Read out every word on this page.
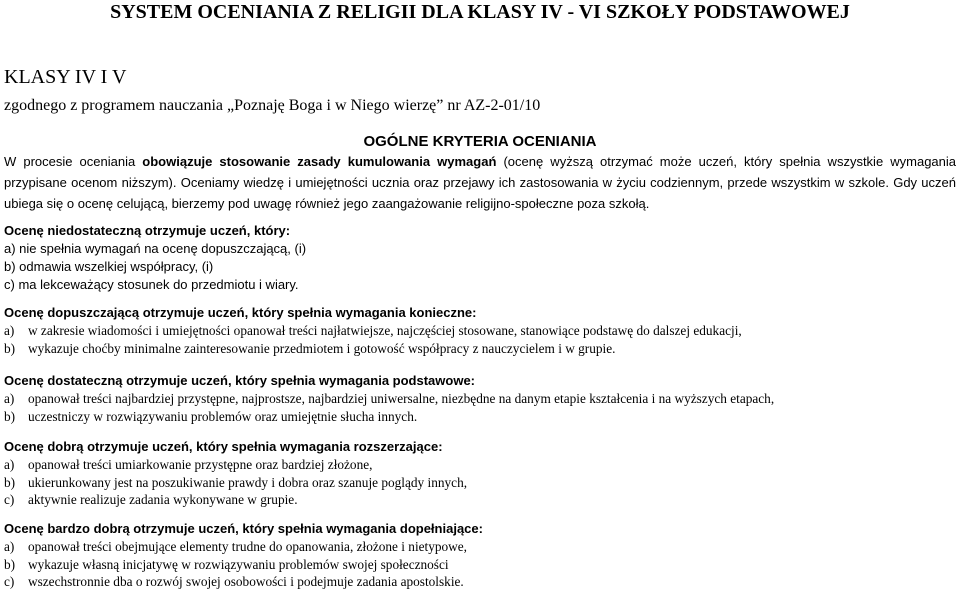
SYSTEM OCENIANIA Z RELIGII DLA KLASY IV - VI SZKOŁY PODSTAWOWEJ
KLASY IV I V

zgodnego z programem nauczania „Poznaję Boga i w Niego wierzę” nr AZ-2-01/10

OGÓLNE KRYTERIA OCENIANIA

W procesie oceniania obowiązuje stosowanie zasady kumulowania wymagań (ocenę wyższą otrzymać może uczeń, który spełnia wszystkie wymagania przypisane ocenom niższym). Oceniamy wiedzę i umiejętności ucznia oraz przejawy ich zastosowania w życiu codziennym, przede wszystkim w szkole. Gdy uczeń ubiega się o ocenę celującą, bierzemy pod uwagę również jego zaangażowanie religijno-społeczne poza szkołą.

Ocenę niedostateczną otrzymuje uczeń, który:
a) nie spełnia wymagań na ocenę dopuszczającą, (i)
b) odmawia wszelkiej współpracy, (i)
c) ma lekceważący stosunek do przedmiotu i wiary.
Ocenę dopuszczającą otrzymuje uczeń, który spełnia wymagania konieczne:
a) w zakresie wiadomości i umiejętności opanował treści najłatwiejsze, najczęściej stosowane, stanowiące podstawę do dalszej edukacji,
b) wykazuje choćby minimalne zainteresowanie przedmiotem i gotowość współpracy z nauczycielem i w grupie.
Ocenę dostateczną otrzymuje uczeń, który spełnia wymagania podstawowe:
a) opanował treści najbardziej przystępne, najprostsze, najbardziej uniwersalne, niezbędne na danym etapie kształcenia i na wyższych etapach,
b) uczestniczy w rozwiązywaniu problemów oraz umiejętnie słucha innych.
Ocenę dobrą otrzymuje uczeń, który spełnia wymagania rozszerzające:
a) opanował treści umiarkowanie przystępne oraz bardziej złożone,
b) ukierunkowany jest na poszukiwanie prawdy i dobra oraz szanuje poglądy innych,
c) aktywnie realizuje zadania wykonywane w grupie.
Ocenę bardzo dobrą otrzymuje uczeń, który spełnia wymagania dopełniające:
a) opanował treści obejmujące elementy trudne do opanowania, złożone i nietypowe,
b) wykazuje własną inicjatywę w rozwiązywaniu problemów swojej społeczności
c) wszechstronnie dba o rozwój swojej osobowości i podejmuje zadania apostolskie.
